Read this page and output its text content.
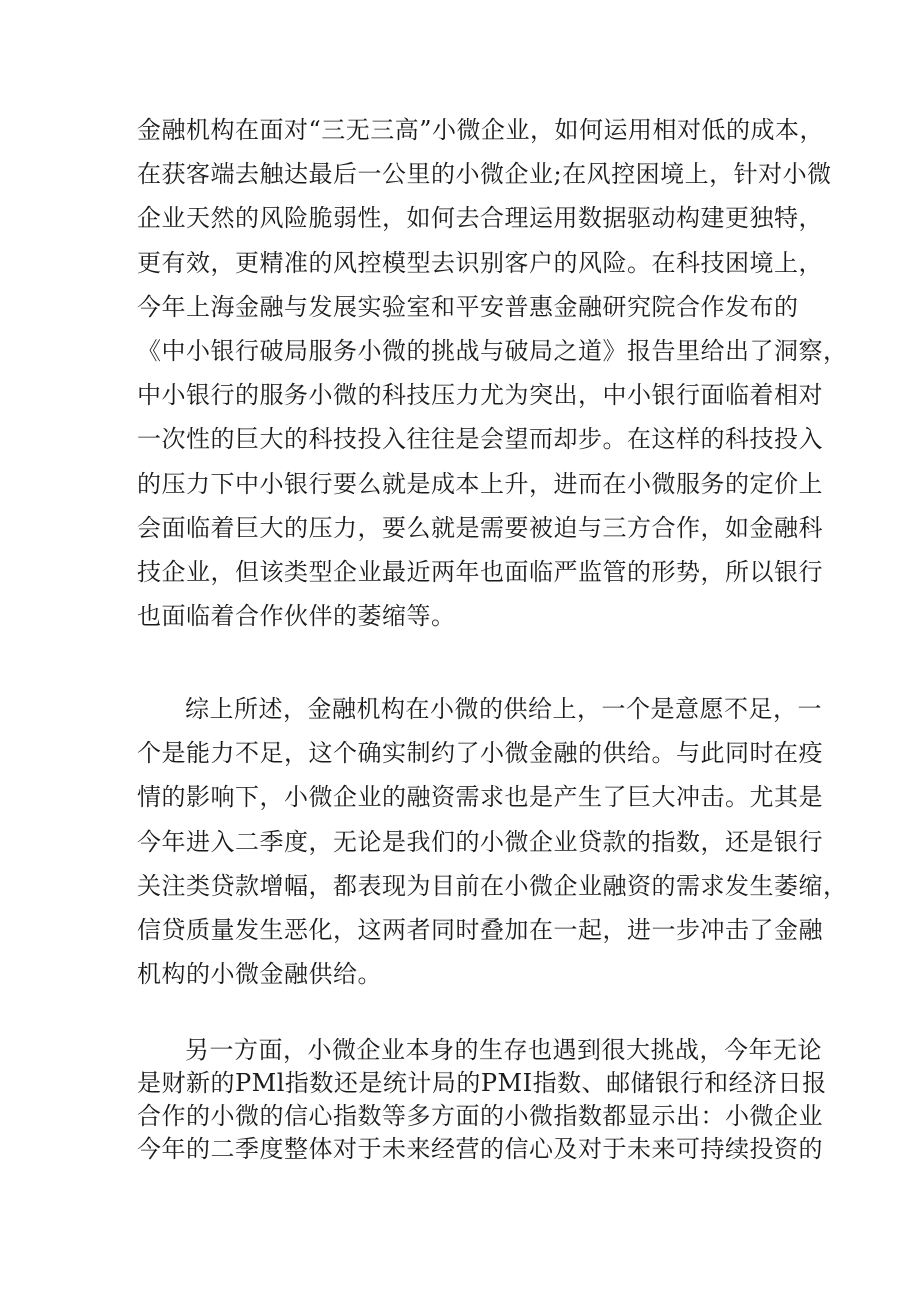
金融机构在面对“三无三高”小微企业，如何运用相对低的成本，
在获客端去触达最后一公里的小微企业;在风控困境上，针对小微
企业天然的风险脆弱性，如何去合理运用数据驱动构建更独特，
更有效，更精准的风控模型去识别客户的风险。在科技困境上，
今年上海金融与发展实验室和平安普惠金融研究院合作发布的
《中小银行破局服务小微的挑战与破局之道》报告里给出了洞察，
中小银行的服务小微的科技压力尤为突出，中小银行面临着相对
一次性的巨大的科技投入往往是会望而却步。在这样的科技投入
的压力下中小银行要么就是成本上升，进而在小微服务的定价上
会面临着巨大的压力，要么就是需要被迫与三方合作，如金融科
技企业，但该类型企业最近两年也面临严监管的形势，所以银行
也面临着合作伙伴的萎缩等。
综上所述，金融机构在小微的供给上，一个是意愿不足，一
个是能力不足，这个确实制约了小微金融的供给。与此同时在疫
情的影响下，小微企业的融资需求也是产生了巨大冲击。尤其是
今年进入二季度，无论是我们的小微企业贷款的指数，还是银行
关注类贷款增幅，都表现为目前在小微企业融资的需求发生萎缩，
信贷质量发生恶化，这两者同时叠加在一起，进一步冲击了金融
机构的小微金融供给。
另一方面，小微企业本身的生存也遇到很大挑战，今年无论
是财新的PMl指数还是统计局的PMI指数、邮储银行和经济日报
合作的小微的信心指数等多方面的小微指数都显示出：小微企业
今年的二季度整体对于未来经营的信心及对于未来可持续投资的
